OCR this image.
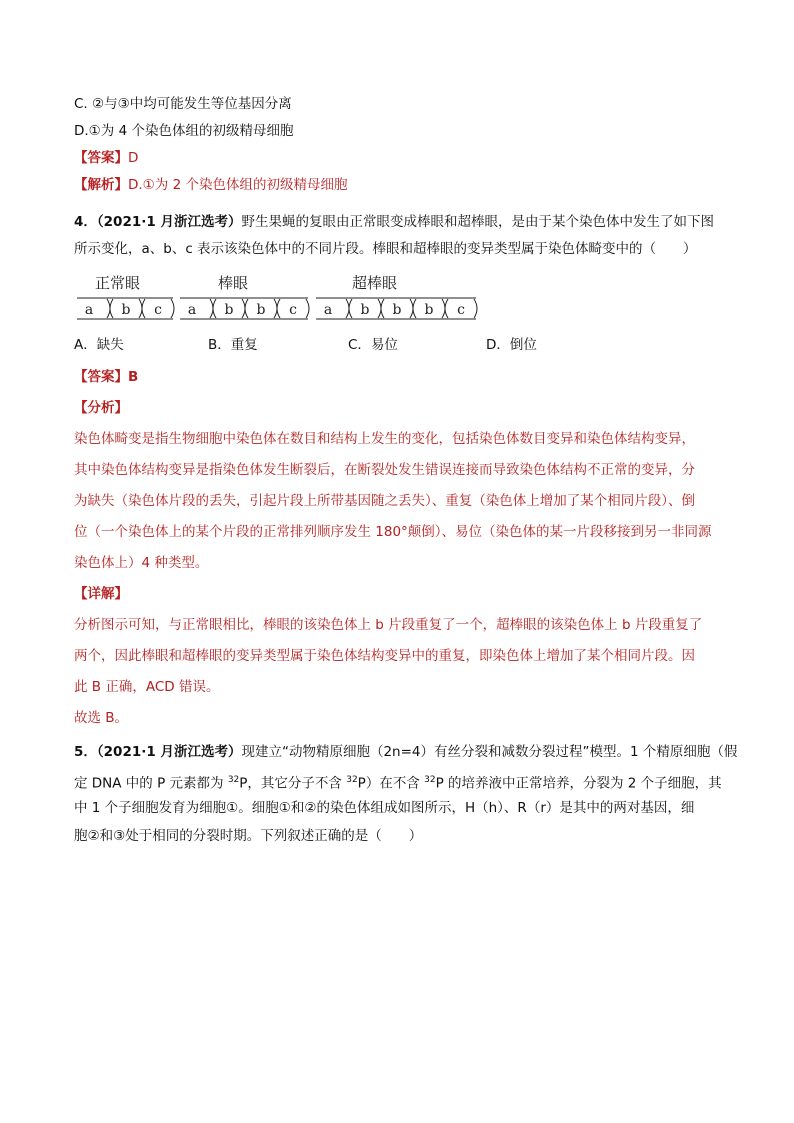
C. ②与③中均可能发生等位基因分离
D.①为 4 个染色体组的初级精母细胞
【答案】D
【解析】D.①为 2 个染色体组的初级精母细胞
4．（2021·1 月浙江选考）野生果蝇的复眼由正常眼变成棒眼和超棒眼，是由于某个染色体中发生了如下图
所示变化，a、b、c 表示该染色体中的不同片段。棒眼和超棒眼的变异类型属于染色体畸变中的（　　）
正常眼	棒眼	超棒眼
a b c a b b c a b b b c
A．缺失	B．重复	C．易位	D．倒位
【答案】B
【分析】
染色体畸变是指生物细胞中染色体在数目和结构上发生的变化，包括染色体数目变异和染色体结构变异，
其中染色体结构变异是指染色体发生断裂后，在断裂处发生错误连接而导致染色体结构不正常的变异，分
为缺失（染色体片段的丢失，引起片段上所带基因随之丢失）、重复（染色体上增加了某个相同片段）、倒
位（一个染色体上的某个片段的正常排列顺序发生 180°颠倒）、易位（染色体的某一片段移接到另一非同源
染色体上）4 种类型。
【详解】
分析图示可知，与正常眼相比，棒眼的该染色体上 b 片段重复了一个，超棒眼的该染色体上 b 片段重复了
两个，因此棒眼和超棒眼的变异类型属于染色体结构变异中的重复，即染色体上增加了某个相同片段。因
此 B 正确，ACD 错误。
故选 B。
5．（2021·1 月浙江选考）现建立“动物精原细胞（2n=4）有丝分裂和减数分裂过程”模型。1 个精原细胞（假
定 DNA 中的 P 元素都为 $^{32}$P，其它分子不含 $^{32}$P）在不含 $^{32}$P 的培养液中正常培养，分裂为 2 个子细胞，其
中 1 个子细胞发育为细胞①。细胞①和②的染色体组成如图所示，H（h）、R（r）是其中的两对基因，细
胞②和③处于相同的分裂时期。下列叙述正确的是（　　）
